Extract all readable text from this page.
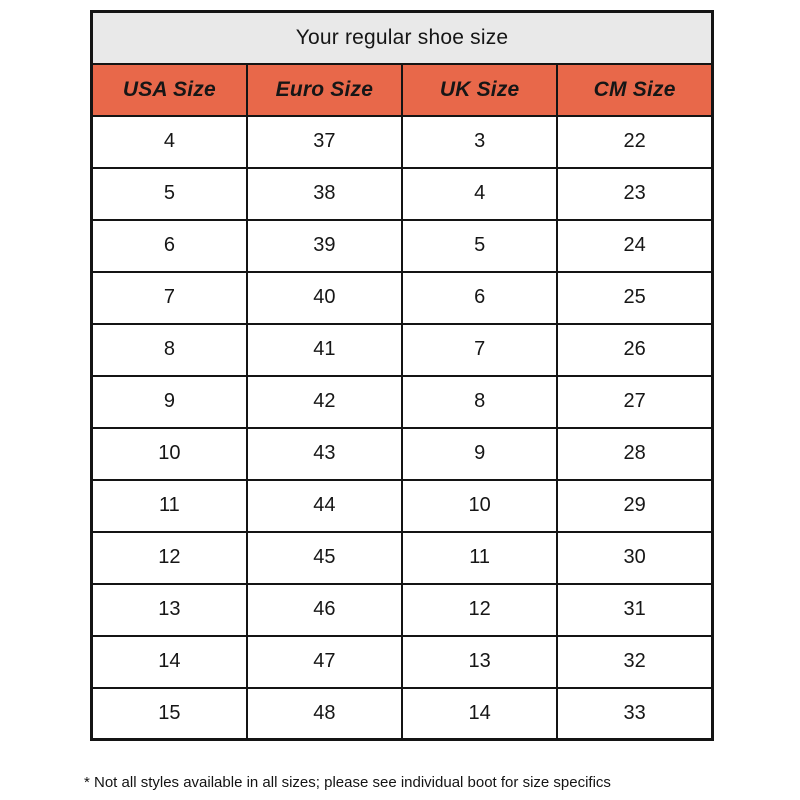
Your regular shoe size			
USA Size	Euro Size	UK Size	CM Size
4	37	3	22
5	38	4	23
6	39	5	24
7	40	6	25
8	41	7	26
9	42	8	27
10	43	9	28
11	44	10	29
12	45	11	30
13	46	12	31
14	47	13	32
15	48	14	33
* Not all styles available in all sizes; please see individual boot for size specifics
